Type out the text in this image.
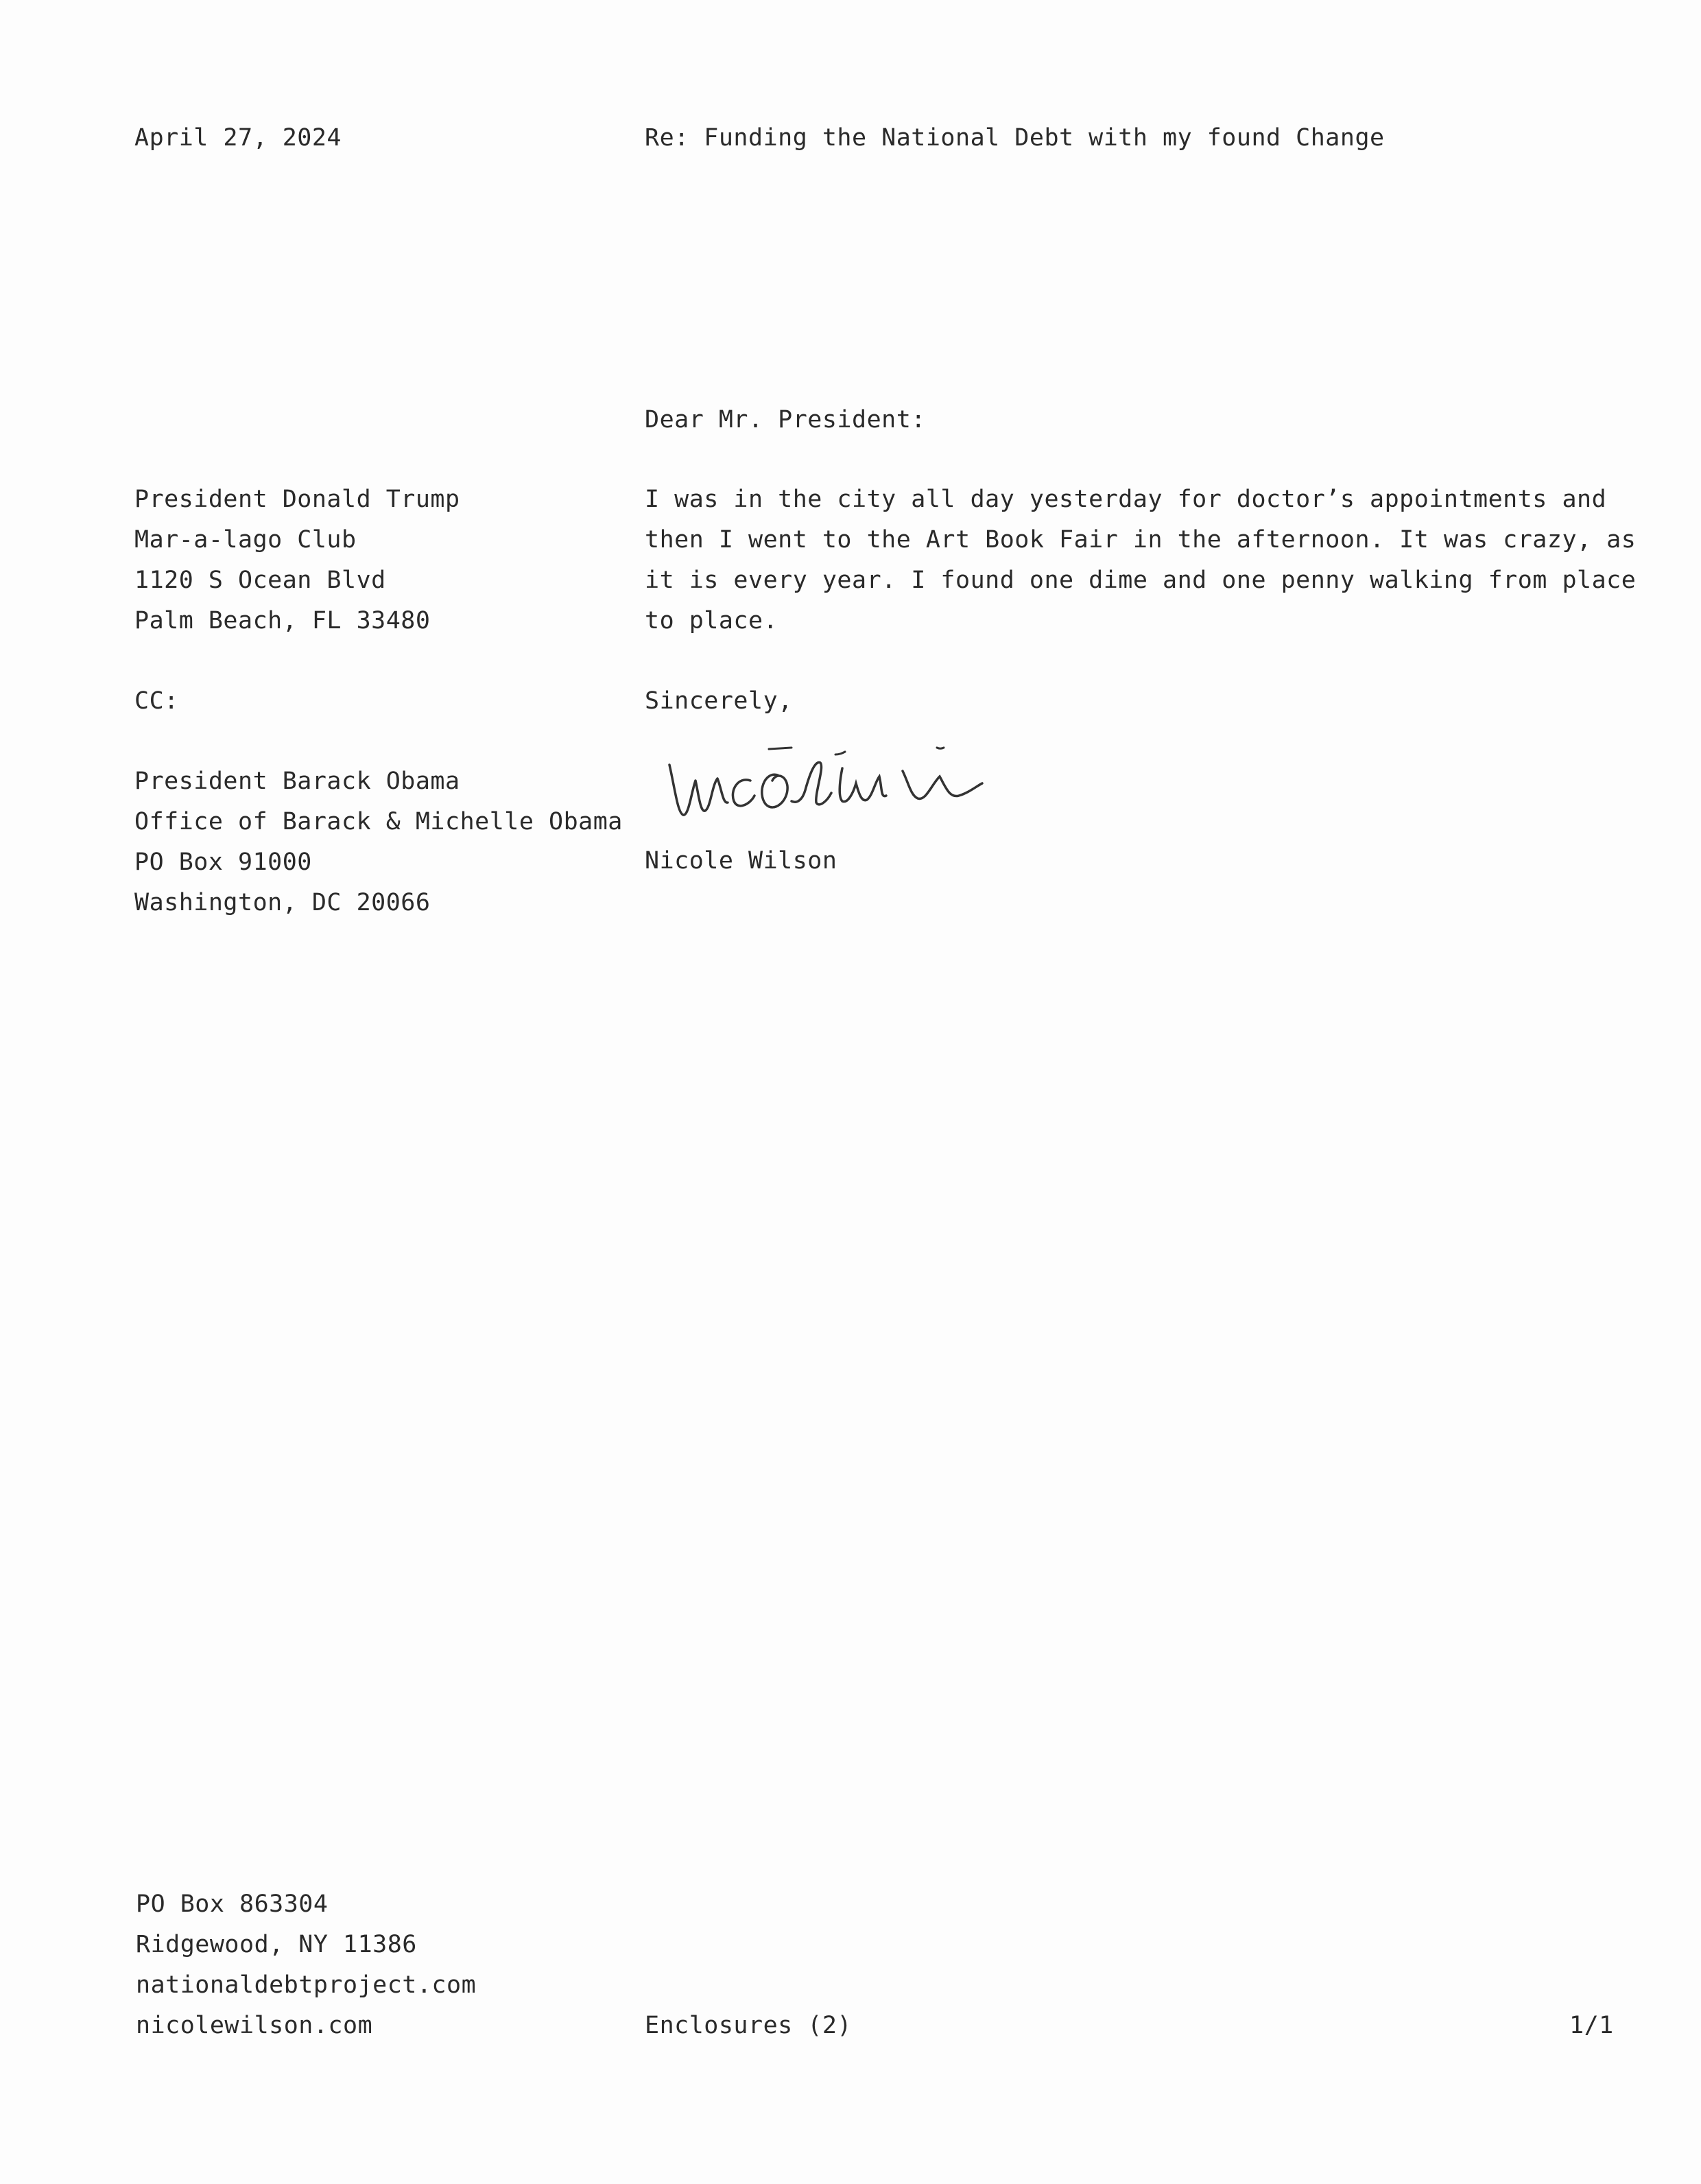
April 27, 2024	Re: Funding the National Debt with my found Change
Dear Mr. President:
President Donald Trump
Mar-a-lago Club
1120 S Ocean Blvd
Palm Beach, FL 33480
I was in the city all day yesterday for doctor’s appointments and
then I went to the Art Book Fair in the afternoon. It was crazy, as
it is every year. I found one dime and one penny walking from place
to place.
CC:	Sincerely,
President Barack Obama
Office of Barack & Michelle Obama
PO Box 91000
Washington, DC 20066
Nicole Wilson
PO Box 863304
Ridgewood, NY 11386
nationaldebtproject.com
nicolewilson.com	Enclosures (2)	1/1
